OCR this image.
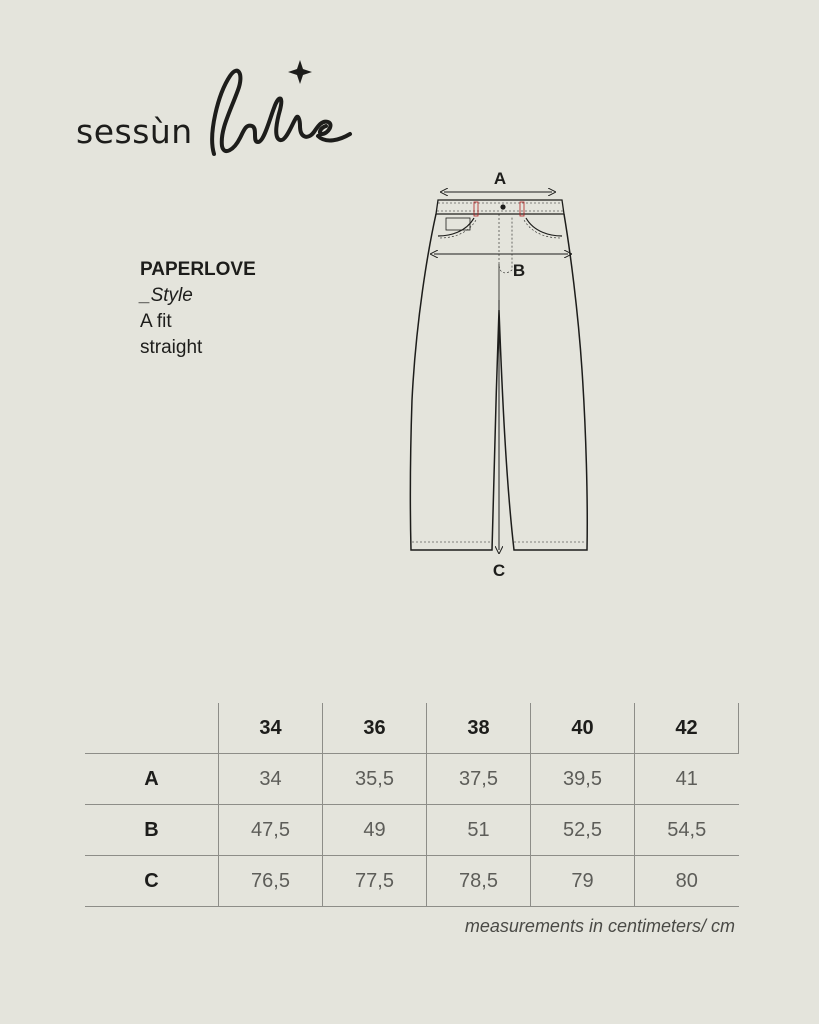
sessùn
PAPERLOVE
_Style
A fit
straight
A
B
C
	34	36	38	40	42
A	34	35,5	37,5	39,5	41
B	47,5	49	51	52,5	54,5
C	76,5	77,5	78,5	79	80
measurements in centimeters/ cm
